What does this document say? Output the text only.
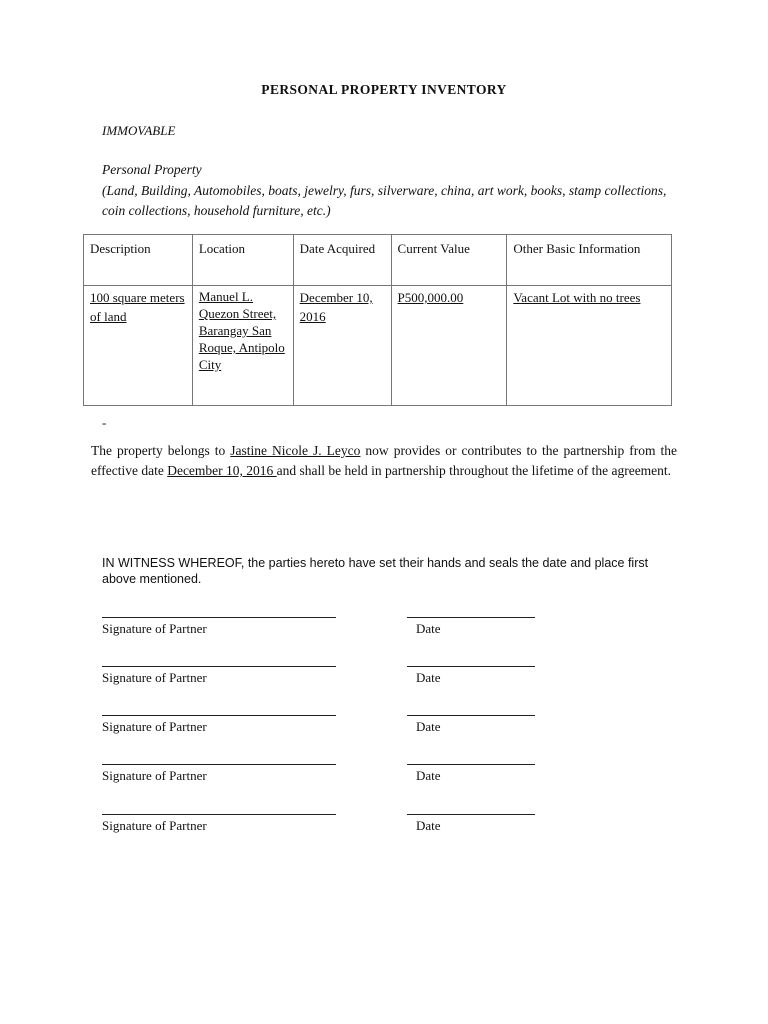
PERSONAL PROPERTY INVENTORY
IMMOVABLE
Personal Property
(Land, Building, Automobiles, boats, jewelry, furs, silverware, china, art work, books, stamp collections, coin collections, household furniture, etc.)
Description	Location	Date Acquired	Current Value	Other Basic Information
100 square meters of land	Manuel L. Quezon Street, Barangay San Roque, Antipolo City	December 10, 2016	P500,000.00	Vacant Lot with no trees
-
The property belongs to Jastine Nicole J. Leyco now provides or contributes to the partnership from the effective date December 10, 2016 and shall be held in partnership throughout the lifetime of the agreement.
IN WITNESS WHEREOF, the parties hereto have set their hands and seals the date and place first above mentioned.
Signature of Partner	Date
Signature of Partner	Date
Signature of Partner	Date
Signature of Partner	Date
Signature of Partner	Date
